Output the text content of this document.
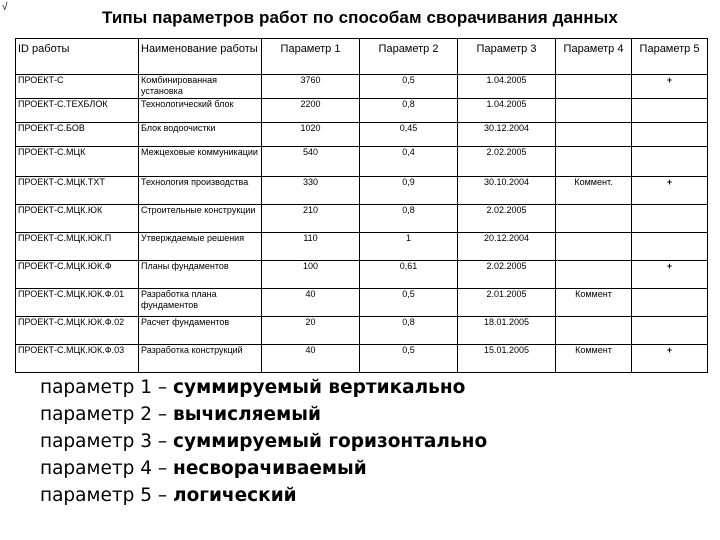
√
Типы параметров работ по способам сворачивания данных
ID работы	Наименование работы	Параметр 1	Параметр 2	Параметр 3	Параметр 4	Параметр 5
ПРОЕКТ-С	Комбинированная установка	3760	0,5	1.04.2005		+
ПРОЕКТ-С.ТЕХБЛОК	Технологический блок	2200	0,8	1.04.2005		
ПРОЕКТ-С.БОВ	Блок водоочистки	1020	0,45	30.12.2004		
ПРОЕКТ-С.МЦК	Межцеховые коммуникации	540	0,4	2.02.2005		
ПРОЕКТ-С.МЦК.ТХТ	Технология производства	330	0,9	30.10.2004	Коммент.	+
ПРОЕКТ-С.МЦК.ЮК	Строительные конструкции	210	0,8	2.02.2005		
ПРОЕКТ-С.МЦК.ЮК.П	Утверждаемые решения	110	1	20.12.2004		
ПРОЕКТ-С.МЦК.ЮК.Ф	Планы фундаментов	100	0,61	2.02.2005		+
ПРОЕКТ-С.МЦК.ЮК.Ф.01	Разработка плана фундаментов	40	0,5	2.01.2005	Коммент	
ПРОЕКТ-С.МЦК.ЮК.Ф.02	Расчет фундаментов	20	0,8	18.01.2005		
ПРОЕКТ-С.МЦК.ЮК.Ф.03	Разработка конструкций	40	0,5	15.01.2005	Коммент	+
параметр 1 – суммируемый вертикально
параметр 2 – вычисляемый
параметр 3 – суммируемый горизонтально
параметр 4 – несворачиваемый
параметр 5 – логический
